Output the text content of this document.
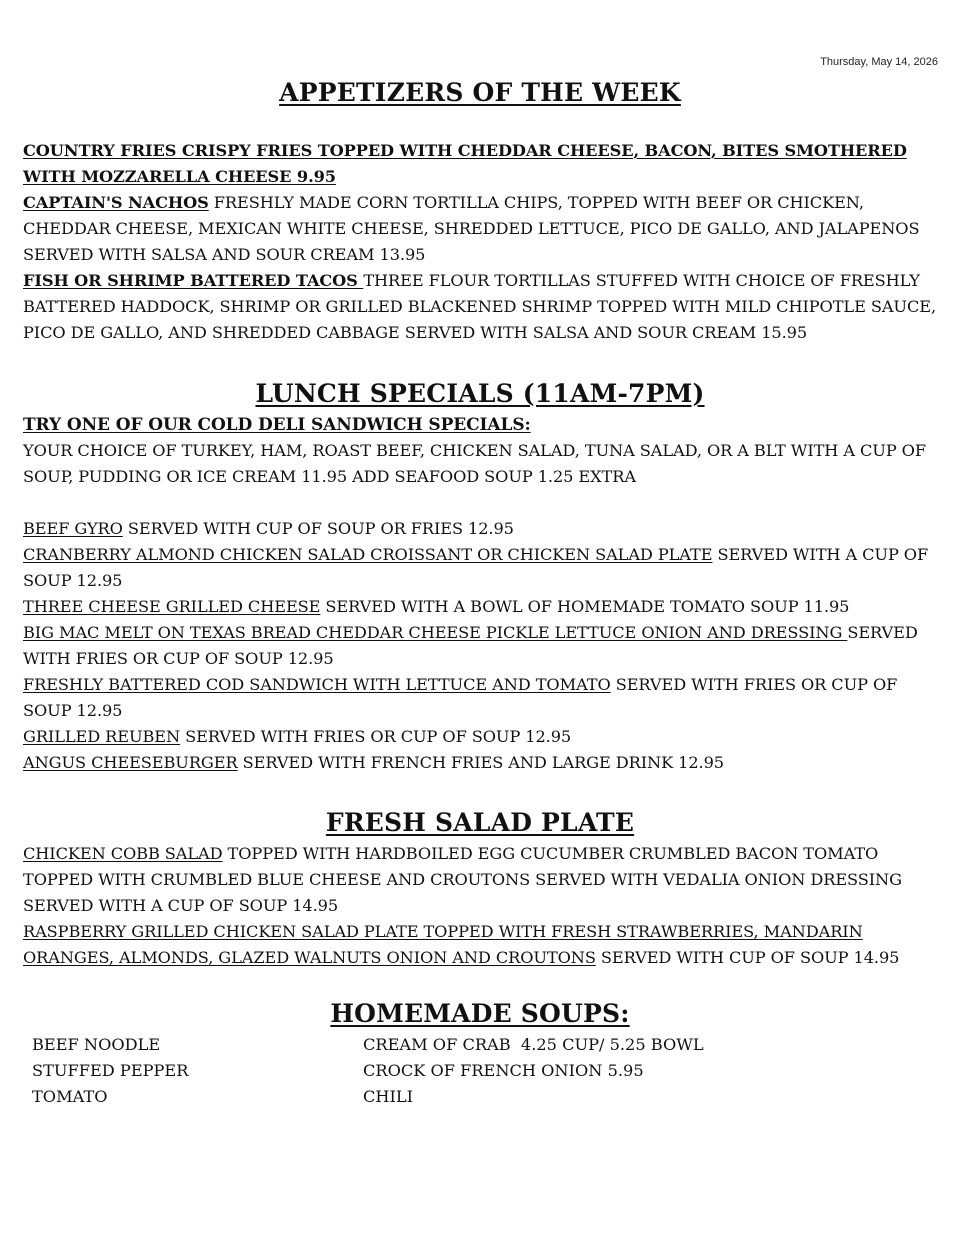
Thursday, May 14, 2026
APPETIZERS OF THE WEEK

COUNTRY FRIES CRISPY FRIES TOPPED WITH CHEDDAR CHEESE, BACON, BITES SMOTHERED WITH MOZZARELLA CHEESE 9.95

CAPTAIN'S NACHOS FRESHLY MADE CORN TORTILLA CHIPS, TOPPED WITH BEEF OR CHICKEN, CHEDDAR CHEESE, MEXICAN WHITE CHEESE, SHREDDED LETTUCE, PICO DE GALLO, AND JALAPENOS SERVED WITH SALSA AND SOUR CREAM 13.95

FISH OR SHRIMP BATTERED TACOS THREE FLOUR TORTILLAS STUFFED WITH CHOICE OF FRESHLY BATTERED HADDOCK, SHRIMP OR GRILLED BLACKENED SHRIMP TOPPED WITH MILD CHIPOTLE SAUCE, PICO DE GALLO, AND SHREDDED CABBAGE SERVED WITH SALSA AND SOUR CREAM 15.95

LUNCH SPECIALS (11AM-7PM)

TRY ONE OF OUR COLD DELI SANDWICH SPECIALS:

YOUR CHOICE OF TURKEY, HAM, ROAST BEEF, CHICKEN SALAD, TUNA SALAD, OR A BLT WITH A CUP OF SOUP, PUDDING OR ICE CREAM 11.95 ADD SEAFOOD SOUP 1.25 EXTRA

BEEF GYRO SERVED WITH CUP OF SOUP OR FRIES 12.95

CRANBERRY ALMOND CHICKEN SALAD CROISSANT OR CHICKEN SALAD PLATE SERVED WITH A CUP OF SOUP 12.95

THREE CHEESE GRILLED CHEESE SERVED WITH A BOWL OF HOMEMADE TOMATO SOUP 11.95

BIG MAC MELT ON TEXAS BREAD CHEDDAR CHEESE PICKLE LETTUCE ONION AND DRESSING SERVED WITH FRIES OR CUP OF SOUP 12.95

FRESHLY BATTERED COD SANDWICH WITH LETTUCE AND TOMATO SERVED WITH FRIES OR CUP OF SOUP 12.95

GRILLED REUBEN SERVED WITH FRIES OR CUP OF SOUP 12.95

ANGUS CHEESEBURGER SERVED WITH FRENCH FRIES AND LARGE DRINK 12.95

FRESH SALAD PLATE

CHICKEN COBB SALAD TOPPED WITH HARDBOILED EGG CUCUMBER CRUMBLED BACON TOMATO TOPPED WITH CRUMBLED BLUE CHEESE AND CROUTONS SERVED WITH VEDALIA ONION DRESSING SERVED WITH A CUP OF SOUP 14.95

RASPBERRY GRILLED CHICKEN SALAD PLATE TOPPED WITH FRESH STRAWBERRIES, MANDARIN ORANGES, ALMONDS, GLAZED WALNUTS ONION AND CROUTONS SERVED WITH CUP OF SOUP 14.95

HOMEMADE SOUPS:
BEEF NOODLE
STUFFED PEPPER
TOMATO
CREAM OF CRAB  4.25 CUP/ 5.25 BOWL
CROCK OF FRENCH ONION 5.95
CHILI
